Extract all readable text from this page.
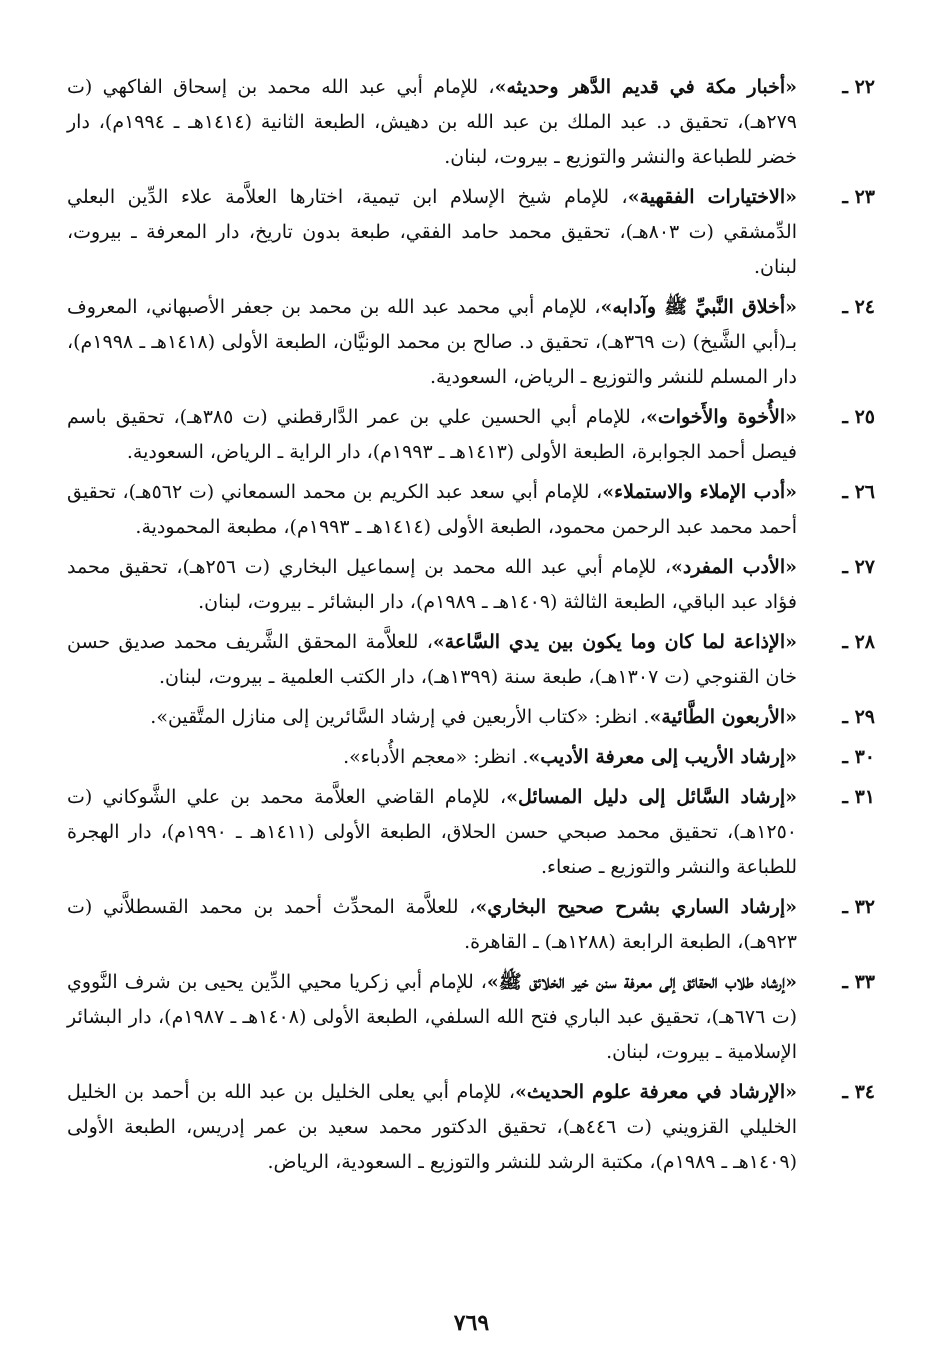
٢٢ ـ
«أخبار مكة في قديم الدَّهر وحديثه»، للإمام أبي عبد الله محمد بن إسحاق الفاكهي (ت ٢٧٩هـ)، تحقيق د. عبد الملك بن عبد الله بن دهيش، الطبعة الثانية (١٤١٤هـ ـ ١٩٩٤م)، دار خضر للطباعة والنشر والتوزيع ـ بيروت، لبنان.
٢٣ ـ
«الاختيارات الفقهية»، للإمام شيخ الإسلام ابن تيمية، اختارها العلاَّمة علاء الدِّين البعلي الدِّمشقي (ت ٨٠٣هـ)، تحقيق محمد حامد الفقي، طبعة بدون تاريخ، دار المعرفة ـ بيروت، لبنان.
٢٤ ـ
«أخلاق النَّبيِّ ﷺ وآدابه»، للإمام أبي محمد عبد الله بن محمد بن جعفر الأصبهاني، المعروف بـ(أبي الشَّيخ) (ت ٣٦٩هـ)، تحقيق د. صالح بن محمد الونيَّان، الطبعة الأولى (١٤١٨هـ ـ ١٩٩٨م)، دار المسلم للنشر والتوزيع ـ الرياض، السعودية.
٢٥ ـ
«الأُخوة والأَخوات»، للإمام أبي الحسين علي بن عمر الدَّارقطني (ت ٣٨٥هـ)، تحقيق باسم فيصل أحمد الجوابرة، الطبعة الأولى (١٤١٣هـ ـ ١٩٩٣م)، دار الراية ـ الرياض، السعودية.
٢٦ ـ
«أدب الإملاء والاستملاء»، للإمام أبي سعد عبد الكريم بن محمد السمعاني (ت ٥٦٢هـ)، تحقيق أحمد محمد عبد الرحمن محمود، الطبعة الأولى (١٤١٤هـ ـ ١٩٩٣م)، مطبعة المحمودية.
٢٧ ـ
«الأدب المفرد»، للإمام أبي عبد الله محمد بن إسماعيل البخاري (ت ٢٥٦هـ)، تحقيق محمد فؤاد عبد الباقي، الطبعة الثالثة (١٤٠٩هـ ـ ١٩٨٩م)، دار البشائر ـ بيروت، لبنان.
٢٨ ـ
«الإذاعة لما كان وما يكون بين يدي السَّاعة»، للعلاَّمة المحقق الشَّريف محمد صديق حسن خان القنوجي (ت ١٣٠٧هـ)، طبعة سنة (١٣٩٩هـ)، دار الكتب العلمية ـ بيروت، لبنان.
٢٩ ـ
«الأربعون الطَّائية». انظر: «كتاب الأربعين في إرشاد السَّائرين إلى منازل المتَّقين».
٣٠ ـ
«إرشاد الأريب إلى معرفة الأديب». انظر: «معجم الأُدباء».
٣١ ـ
«إرشاد السَّائل إلى دليل المسائل»، للإمام القاضي العلاَّمة محمد بن علي الشَّوكاني (ت ١٢٥٠هـ)، تحقيق محمد صبحي حسن الحلاق، الطبعة الأولى (١٤١١هـ ـ ١٩٩٠م)، دار الهجرة للطباعة والنشر والتوزيع ـ صنعاء.
٣٢ ـ
«إرشاد الساري بشرح صحيح البخاري»، للعلاَّمة المحدِّث أحمد بن محمد القسطلاَّني (ت ٩٢٣هـ)، الطبعة الرابعة (١٢٨٨هـ) ـ القاهرة.
٣٣ ـ
«إرشاد طلاب الحقائق إلى معرفة سنن خير الخلائق ﷺ»، للإمام أبي زكريا محيي الدِّين يحيى بن شرف النَّووي (ت ٦٧٦هـ)، تحقيق عبد الباري فتح الله السلفي، الطبعة الأولى (١٤٠٨هـ ـ ١٩٨٧م)، دار البشائر الإسلامية ـ بيروت، لبنان.
٣٤ ـ
«الإرشاد في معرفة علوم الحديث»، للإمام أبي يعلى الخليل بن عبد الله بن أحمد بن الخليل الخليلي القزويني (ت ٤٤٦هـ)، تحقيق الدكتور محمد سعيد بن عمر إدريس، الطبعة الأولى (١٤٠٩هـ ـ ١٩٨٩م)، مكتبة الرشد للنشر والتوزيع ـ السعودية، الرياض.
٧٦٩
